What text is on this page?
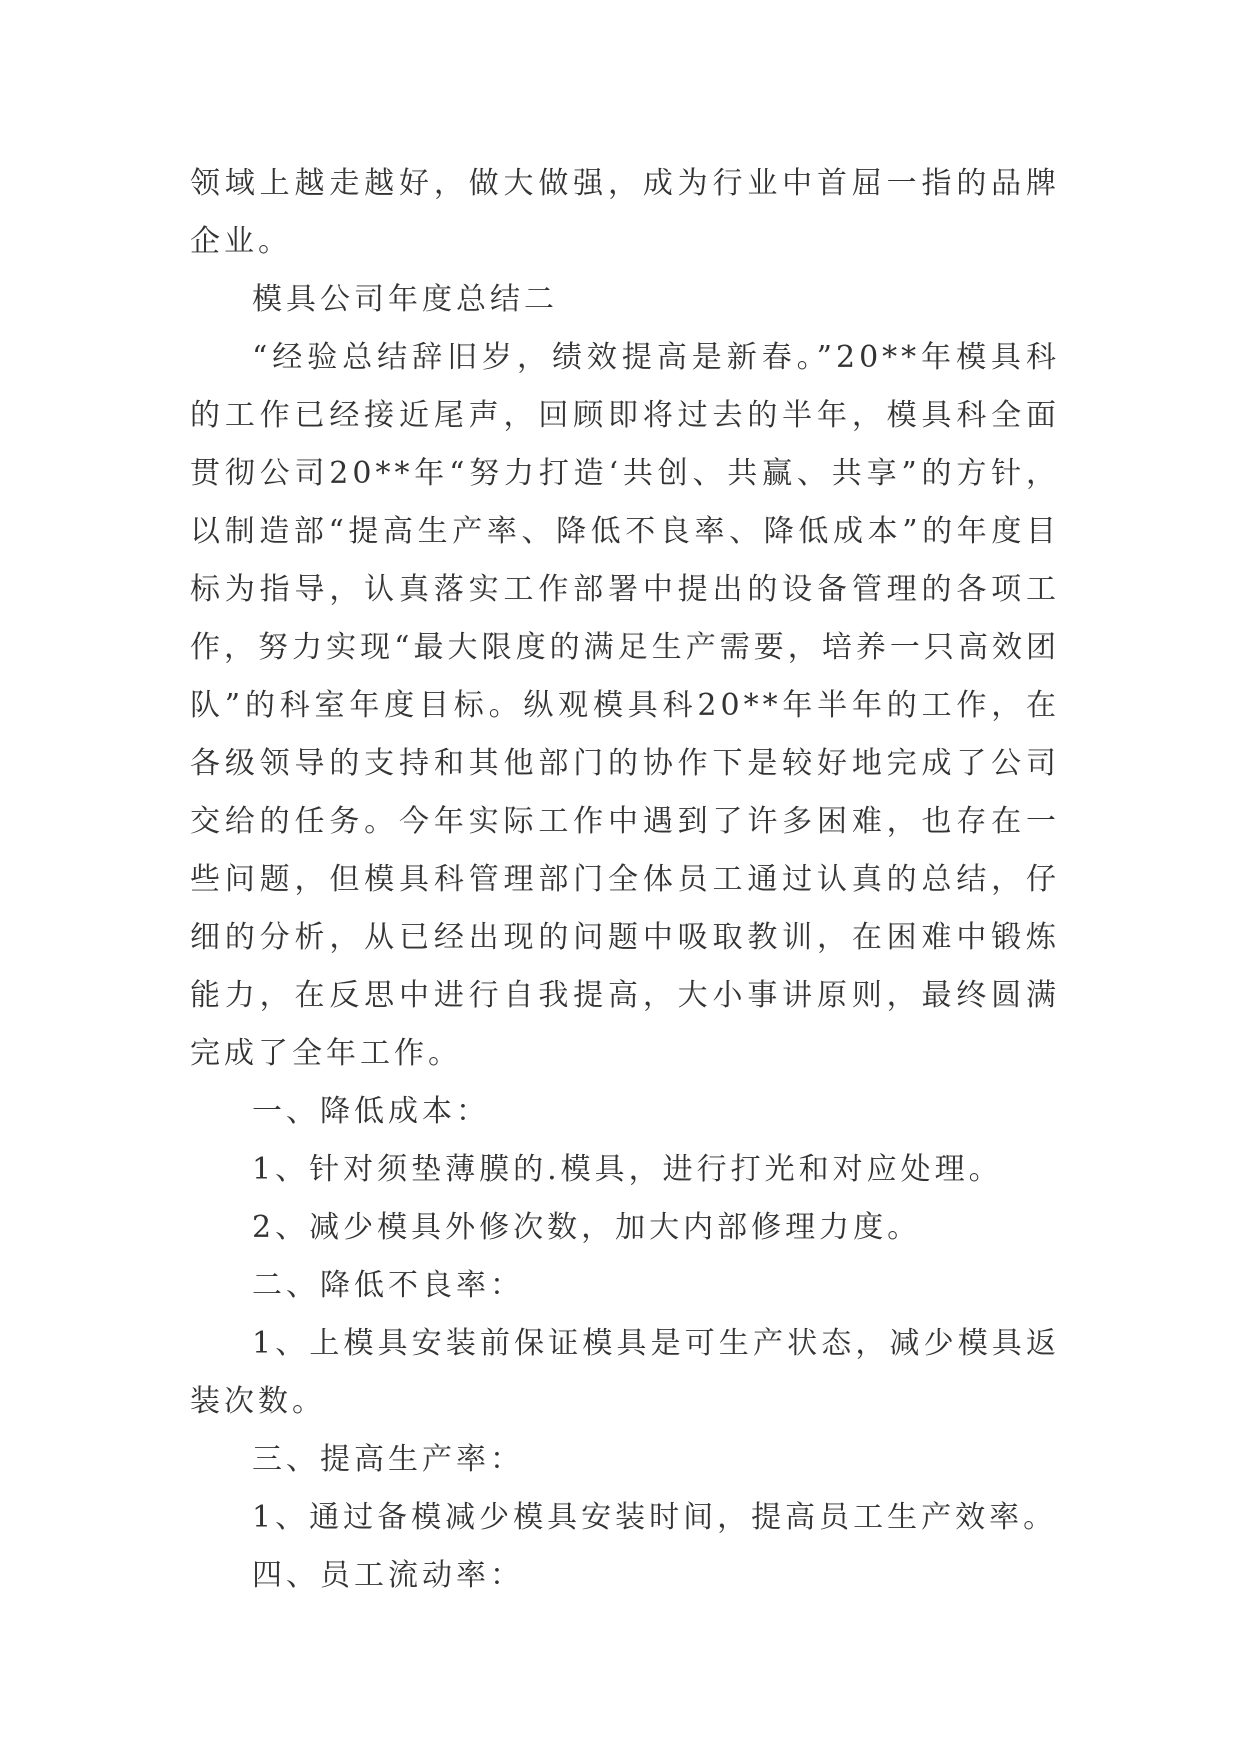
领域上越走越好，做大做强，成为行业中首屈一指的品牌企业。

模具公司年度总结二

“经验总结辞旧岁，绩效提高是新春。”20**年模具科的工作已经接近尾声，回顾即将过去的半年，模具科全面贯彻公司20**年“努力打造‘共创、共赢、共享”的方针，以制造部“提高生产率、降低不良率、降低成本”的年度目标为指导，认真落实工作部署中提出的设备管理的各项工作，努力实现“最大限度的满足生产需要，培养一只高效团队”的科室年度目标。纵观模具科20**年半年的工作，在各级领导的支持和其他部门的协作下是较好地完成了公司交给的任务。今年实际工作中遇到了许多困难，也存在一些问题，但模具科管理部门全体员工通过认真的总结，仔细的分析，从已经出现的问题中吸取教训，在困难中锻炼能力，在反思中进行自我提高，大小事讲原则，最终圆满完成了全年工作。

一、降低成本：

1、针对须垫薄膜的.模具，进行打光和对应处理。

2、减少模具外修次数，加大内部修理力度。

二、降低不良率：

1、上模具安装前保证模具是可生产状态，减少模具返装次数。

三、提高生产率：

1、通过备模减少模具安装时间，提高员工生产效率。

四、员工流动率：
